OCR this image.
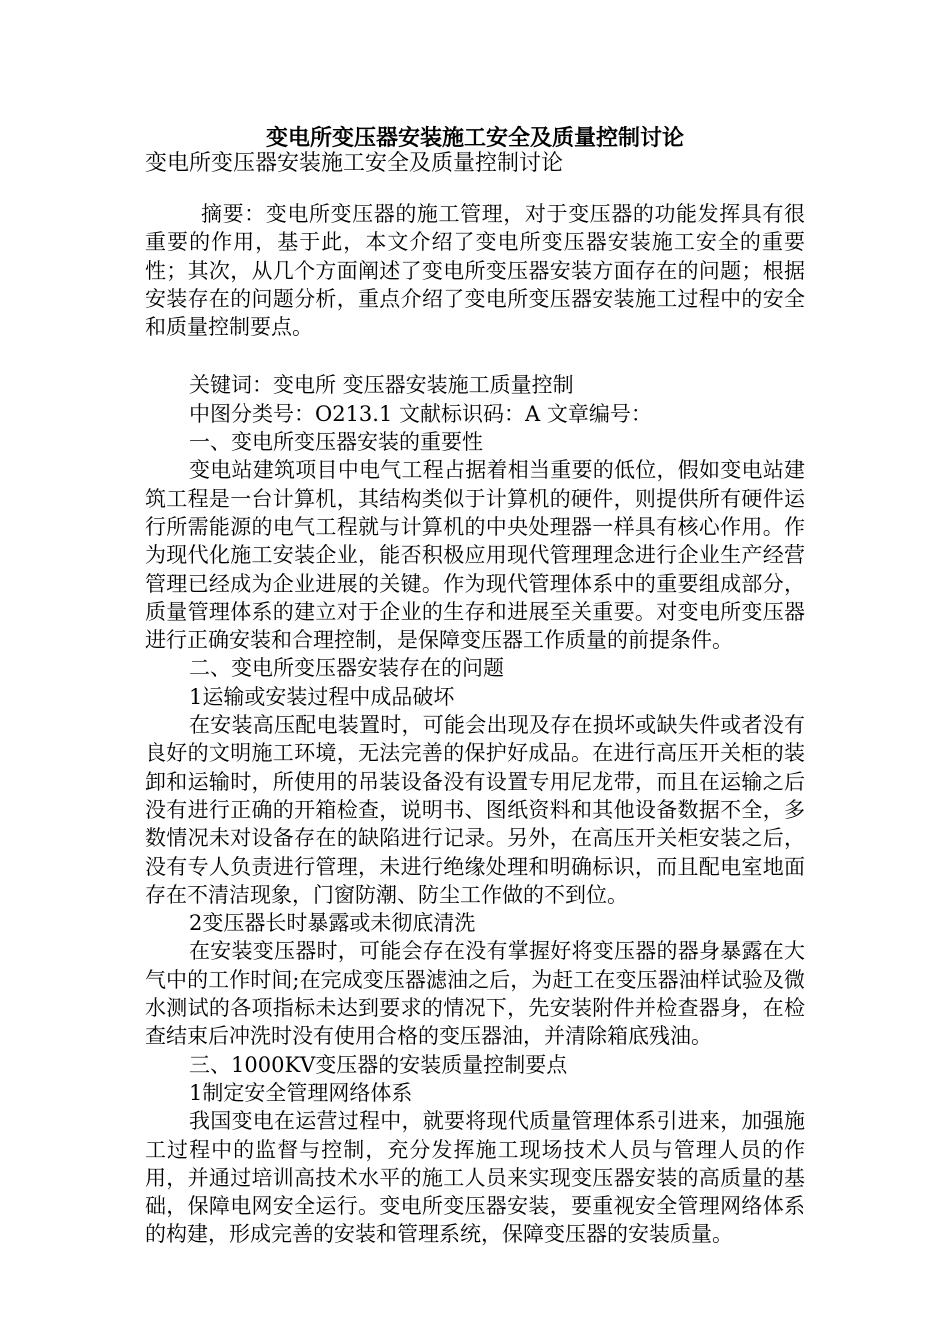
变电所变压器安装施工安全及质量控制讨论
变电所变压器安装施工安全及质量控制讨论

摘要：变电所变压器的施工管理，对于变压器的功能发挥具有很重要的作用，基于此，本文介绍了变电所变压器安装施工安全的重要性；其次，从几个方面阐述了变电所变压器安装方面存在的问题；根据安装存在的问题分析，重点介绍了变电所变压器安装施工过程中的安全和质量控制要点。

关键词：变电所 变压器安装施工质量控制

中图分类号：O213.1 文献标识码：A 文章编号：

一、变电所变压器安装的重要性

变电站建筑项目中电气工程占据着相当重要的低位，假如变电站建筑工程是一台计算机，其结构类似于计算机的硬件，则提供所有硬件运行所需能源的电气工程就与计算机的中央处理器一样具有核心作用。作为现代化施工安装企业，能否积极应用现代管理理念进行企业生产经营管理已经成为企业进展的关键。作为现代管理体系中的重要组成部分，质量管理体系的建立对于企业的生存和进展至关重要。对变电所变压器进行正确安装和合理控制，是保障变压器工作质量的前提条件。

二、变电所变压器安装存在的问题

1运输或安装过程中成品破坏

在安装高压配电装置时，可能会出现及存在损坏或缺失件或者没有良好的文明施工环境，无法完善的保护好成品。在进行高压开关柜的装卸和运输时，所使用的吊装设备没有设置专用尼龙带，而且在运输之后没有进行正确的开箱检查，说明书、图纸资料和其他设备数据不全，多数情况未对设备存在的缺陷进行记录。另外，在高压开关柜安装之后，没有专人负责进行管理，未进行绝缘处理和明确标识，而且配电室地面存在不清洁现象，门窗防潮、防尘工作做的不到位。

2变压器长时暴露或未彻底清洗

在安装变压器时，可能会存在没有掌握好将变压器的器身暴露在大气中的工作时间;在完成变压器滤油之后，为赶工在变压器油样试验及微水测试的各项指标未达到要求的情况下，先安装附件并检查器身，在检查结束后冲洗时没有使用合格的变压器油，并清除箱底残油。

三、1000KV变压器的安装质量控制要点

1制定安全管理网络体系

我国变电在运营过程中，就要将现代质量管理体系引进来，加强施工过程中的监督与控制，充分发挥施工现场技术人员与管理人员的作用，并通过培训高技术水平的施工人员来实现变压器安装的高质量的基础，保障电网安全运行。变电所变压器安装，要重视安全管理网络体系的构建，形成完善的安装和管理系统，保障变压器的安装质量。
